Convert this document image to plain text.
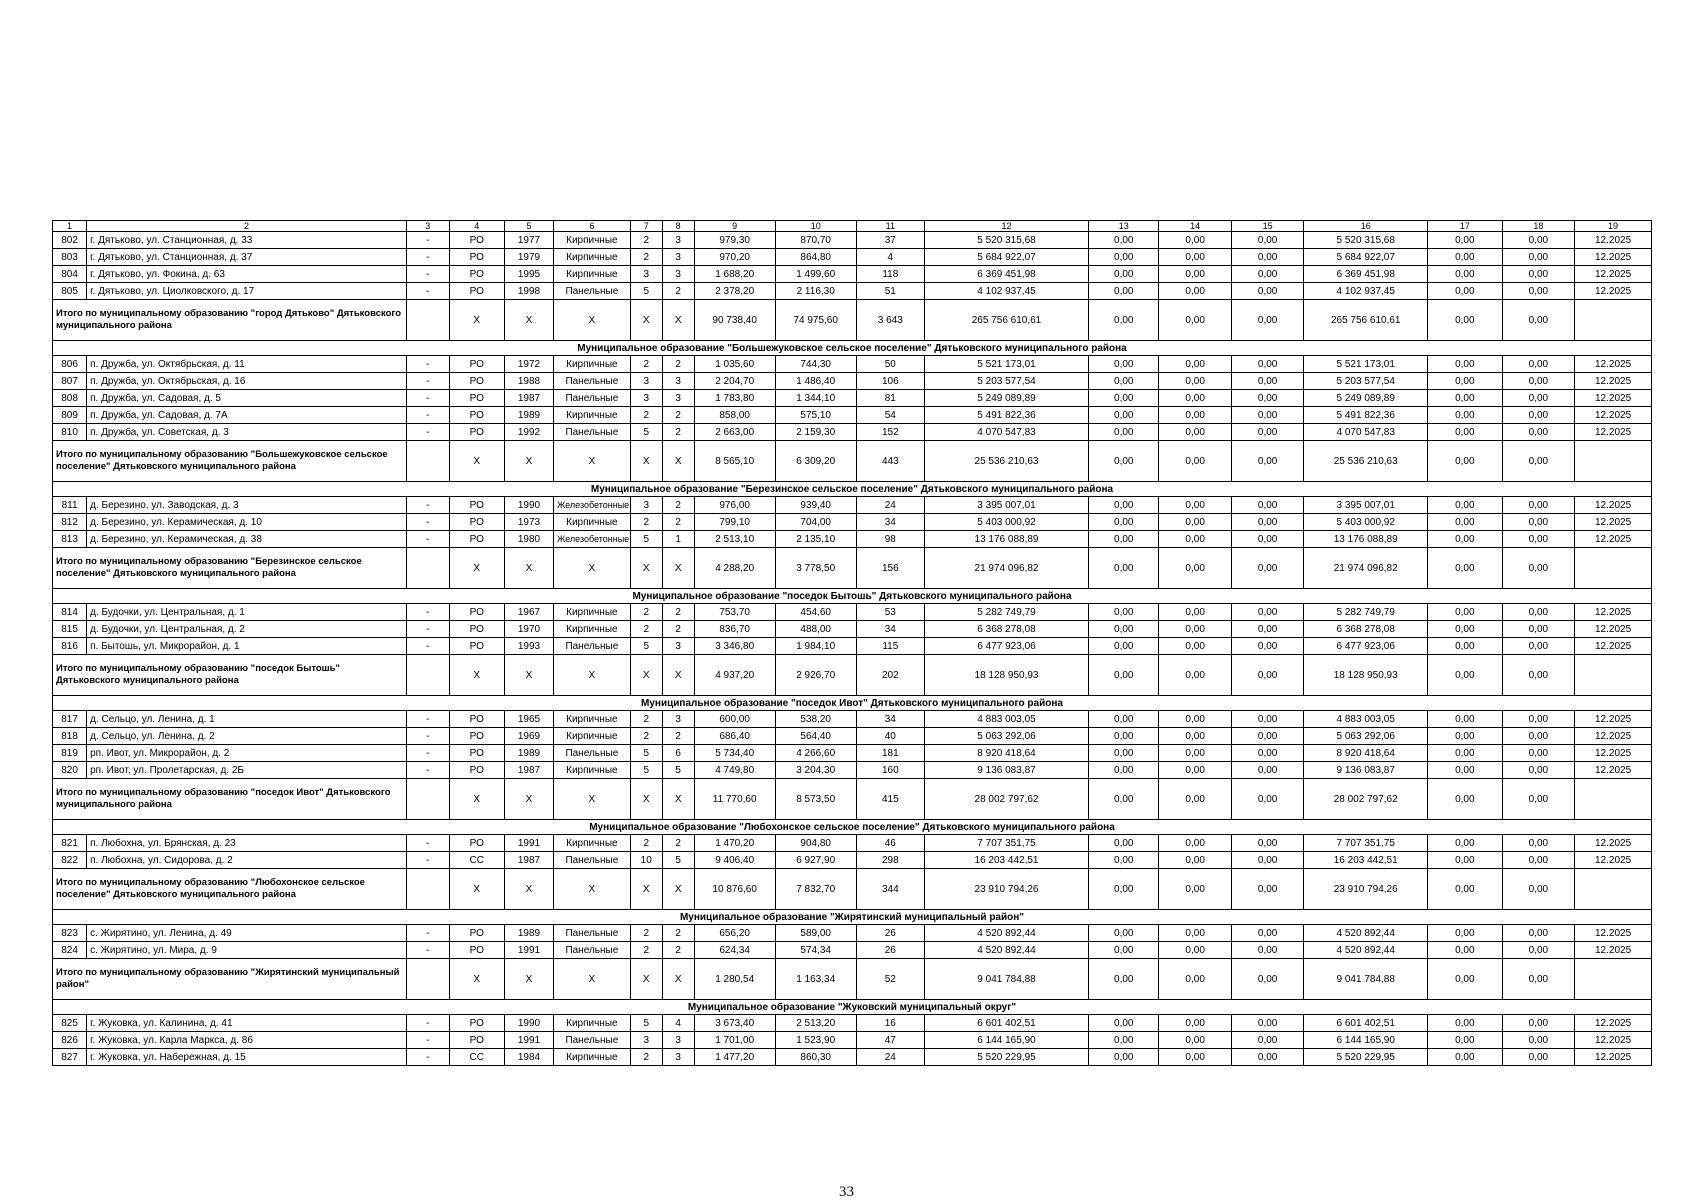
1	2	3	4	5	6	7	8	9	10	11	12	13	14	15	16	17	18	19
802	г. Дятьково, ул. Станционная, д. 33	-	РО	1977	Кирпичные	2	3	979,30	870,70	37	5 520 315,68	0,00	0,00	0,00	5 520 315,68	0,00	0,00	12.2025
803	г. Дятьково, ул. Станционная, д. 37	-	РО	1979	Кирпичные	2	3	970,20	864,80	4	5 684 922,07	0,00	0,00	0,00	5 684 922,07	0,00	0,00	12.2025
804	г. Дятьково, ул. Фокина, д. 63	-	РО	1995	Кирпичные	3	3	1 688,20	1 499,60	118	6 369 451,98	0,00	0,00	0,00	6 369 451,98	0,00	0,00	12.2025
805	г. Дятьково, ул. Циолковского, д. 17	-	РО	1998	Панельные	5	2	2 378,20	2 116,30	51	4 102 937,45	0,00	0,00	0,00	4 102 937,45	0,00	0,00	12.2025
Итого по муниципальному образованию "город Дятьково" Дятьковского муниципального района			X	X	X	X	X	90 738,40	74 975,60	3 643	265 756 610,61	0,00	0,00	0,00	265 756 610,61	0,00	0,00	
Муниципальное образование "Большежуковское сельское поселение" Дятьковского муниципального района																		
806	п. Дружба, ул. Октябрьская, д. 11	-	РО	1972	Кирпичные	2	2	1 035,60	744,30	50	5 521 173,01	0,00	0,00	0,00	5 521 173,01	0,00	0,00	12.2025
807	п. Дружба, ул. Октябрьская, д. 16	-	РО	1988	Панельные	3	3	2 204,70	1 486,40	106	5 203 577,54	0,00	0,00	0,00	5 203 577,54	0,00	0,00	12.2025
808	п. Дружба, ул. Садовая, д. 5	-	РО	1987	Панельные	3	3	1 783,80	1 344,10	81	5 249 089,89	0,00	0,00	0,00	5 249 089,89	0,00	0,00	12.2025
809	п. Дружба, ул. Садовая, д. 7А	-	РО	1989	Кирпичные	2	2	858,00	575,10	54	5 491 822,36	0,00	0,00	0,00	5 491 822,36	0,00	0,00	12.2025
810	п. Дружба, ул. Советская, д. 3	-	РО	1992	Панельные	5	2	2 663,00	2 159,30	152	4 070 547,83	0,00	0,00	0,00	4 070 547,83	0,00	0,00	12.2025
Итого по муниципальному образованию "Большежуковское сельское поселение" Дятьковского муниципального района			X	X	X	X	X	8 565,10	6 309,20	443	25 536 210,63	0,00	0,00	0,00	25 536 210,63	0,00	0,00	
Муниципальное образование "Березинское сельское поселение" Дятьковского муниципального района																		
811	д. Березино, ул. Заводская, д. 3	-	РО	1990	Железобетонные	3	2	976,00	939,40	24	3 395 007,01	0,00	0,00	0,00	3 395 007,01	0,00	0,00	12.2025
812	д. Березино, ул. Керамическая, д. 10	-	РО	1973	Кирпичные	2	2	799,10	704,00	34	5 403 000,92	0,00	0,00	0,00	5 403 000,92	0,00	0,00	12.2025
813	д. Березино, ул. Керамическая, д. 38	-	РО	1980	Железобетонные	5	1	2 513,10	2 135,10	98	13 176 088,89	0,00	0,00	0,00	13 176 088,89	0,00	0,00	12.2025
Итого по муниципальному образованию "Березинское сельское поселение" Дятьковского муниципального района			X	X	X	X	X	4 288,20	3 778,50	156	21 974 096,82	0,00	0,00	0,00	21 974 096,82	0,00	0,00	
Муниципальное образование "поседок Бытошь" Дятьковского муниципального района																		
814	д. Будочки, ул. Центральная, д. 1	-	РО	1967	Кирпичные	2	2	753,70	454,60	53	5 282 749,79	0,00	0,00	0,00	5 282 749,79	0,00	0,00	12.2025
815	д. Будочки, ул. Центральная, д. 2	-	РО	1970	Кирпичные	2	2	836,70	488,00	34	6 368 278,08	0,00	0,00	0,00	6 368 278,08	0,00	0,00	12.2025
816	п. Бытошь, ул. Микрорайон, д. 1	-	РО	1993	Панельные	5	3	3 346,80	1 984,10	115	6 477 923,06	0,00	0,00	0,00	6 477 923,06	0,00	0,00	12.2025
Итого по муниципальному образованию "поседок Бытошь" Дятьковского муниципального района			X	X	X	X	X	4 937,20	2 926,70	202	18 128 950,93	0,00	0,00	0,00	18 128 950,93	0,00	0,00	
Муниципальное образование "поседок Ивот" Дятьковского муниципального района																		
817	д. Сельцо, ул. Ленина, д. 1	-	РО	1965	Кирпичные	2	3	600,00	538,20	34	4 883 003,05	0,00	0,00	0,00	4 883 003,05	0,00	0,00	12.2025
818	д. Сельцо, ул. Ленина, д. 2	-	РО	1969	Кирпичные	2	2	686,40	564,40	40	5 063 292,06	0,00	0,00	0,00	5 063 292,06	0,00	0,00	12.2025
819	рп. Ивот, ул. Микрорайон, д. 2	-	РО	1989	Панельные	5	6	5 734,40	4 266,60	181	8 920 418,64	0,00	0,00	0,00	8 920 418,64	0,00	0,00	12.2025
820	рп. Ивот, ул. Пролетарская, д. 2Б	-	РО	1987	Кирпичные	5	5	4 749,80	3 204,30	160	9 136 083,87	0,00	0,00	0,00	9 136 083,87	0,00	0,00	12.2025
Итого по муниципальному образованию "поседок Ивот" Дятьковского муниципального района			X	X	X	X	X	11 770,60	8 573,50	415	28 002 797,62	0,00	0,00	0,00	28 002 797,62	0,00	0,00	
Муниципальное образование "Любохонское сельское поселение" Дятьковского муниципального района																		
821	п. Любохна, ул. Брянская, д. 23	-	РО	1991	Кирпичные	2	2	1 470,20	904,80	46	7 707 351,75	0,00	0,00	0,00	7 707 351,75	0,00	0,00	12.2025
822	п. Любохна, ул. Сидорова, д. 2	-	СС	1987	Панельные	10	5	9 406,40	6 927,90	298	16 203 442,51	0,00	0,00	0,00	16 203 442,51	0,00	0,00	12.2025
Итого по муниципальному образованию "Любохонское сельское поселение" Дятьковского муниципального района			X	X	X	X	X	10 876,60	7 832,70	344	23 910 794,26	0,00	0,00	0,00	23 910 794,26	0,00	0,00	
Муниципальное образование "Жирятинский муниципальный район"																		
823	с. Жирятино, ул. Ленина, д. 49	-	РО	1989	Панельные	2	2	656,20	589,00	26	4 520 892,44	0,00	0,00	0,00	4 520 892,44	0,00	0,00	12.2025
824	с. Жирятино, ул. Мира, д. 9	-	РО	1991	Панельные	2	2	624,34	574,34	26	4 520 892,44	0,00	0,00	0,00	4 520 892,44	0,00	0,00	12.2025
Итого по муниципальному образованию "Жирятинский муниципальный район"			X	X	X	X	X	1 280,54	1 163,34	52	9 041 784,88	0,00	0,00	0,00	9 041 784,88	0,00	0,00	
Муниципальное образование "Жуковский муниципальный округ"																		
825	г. Жуковка, ул. Калинина, д. 41	-	РО	1990	Кирпичные	5	4	3 673,40	2 513,20	16	6 601 402,51	0,00	0,00	0,00	6 601 402,51	0,00	0,00	12.2025
826	г. Жуковка, ул. Карла Маркса, д. 86	-	РО	1991	Панельные	3	3	1 701,00	1 523,90	47	6 144 165,90	0,00	0,00	0,00	6 144 165,90	0,00	0,00	12.2025
827	г. Жуковка, ул. Набережная, д. 15	-	СС	1984	Кирпичные	2	3	1 477,20	860,30	24	5 520 229,95	0,00	0,00	0,00	5 520 229,95	0,00	0,00	12.2025
33
